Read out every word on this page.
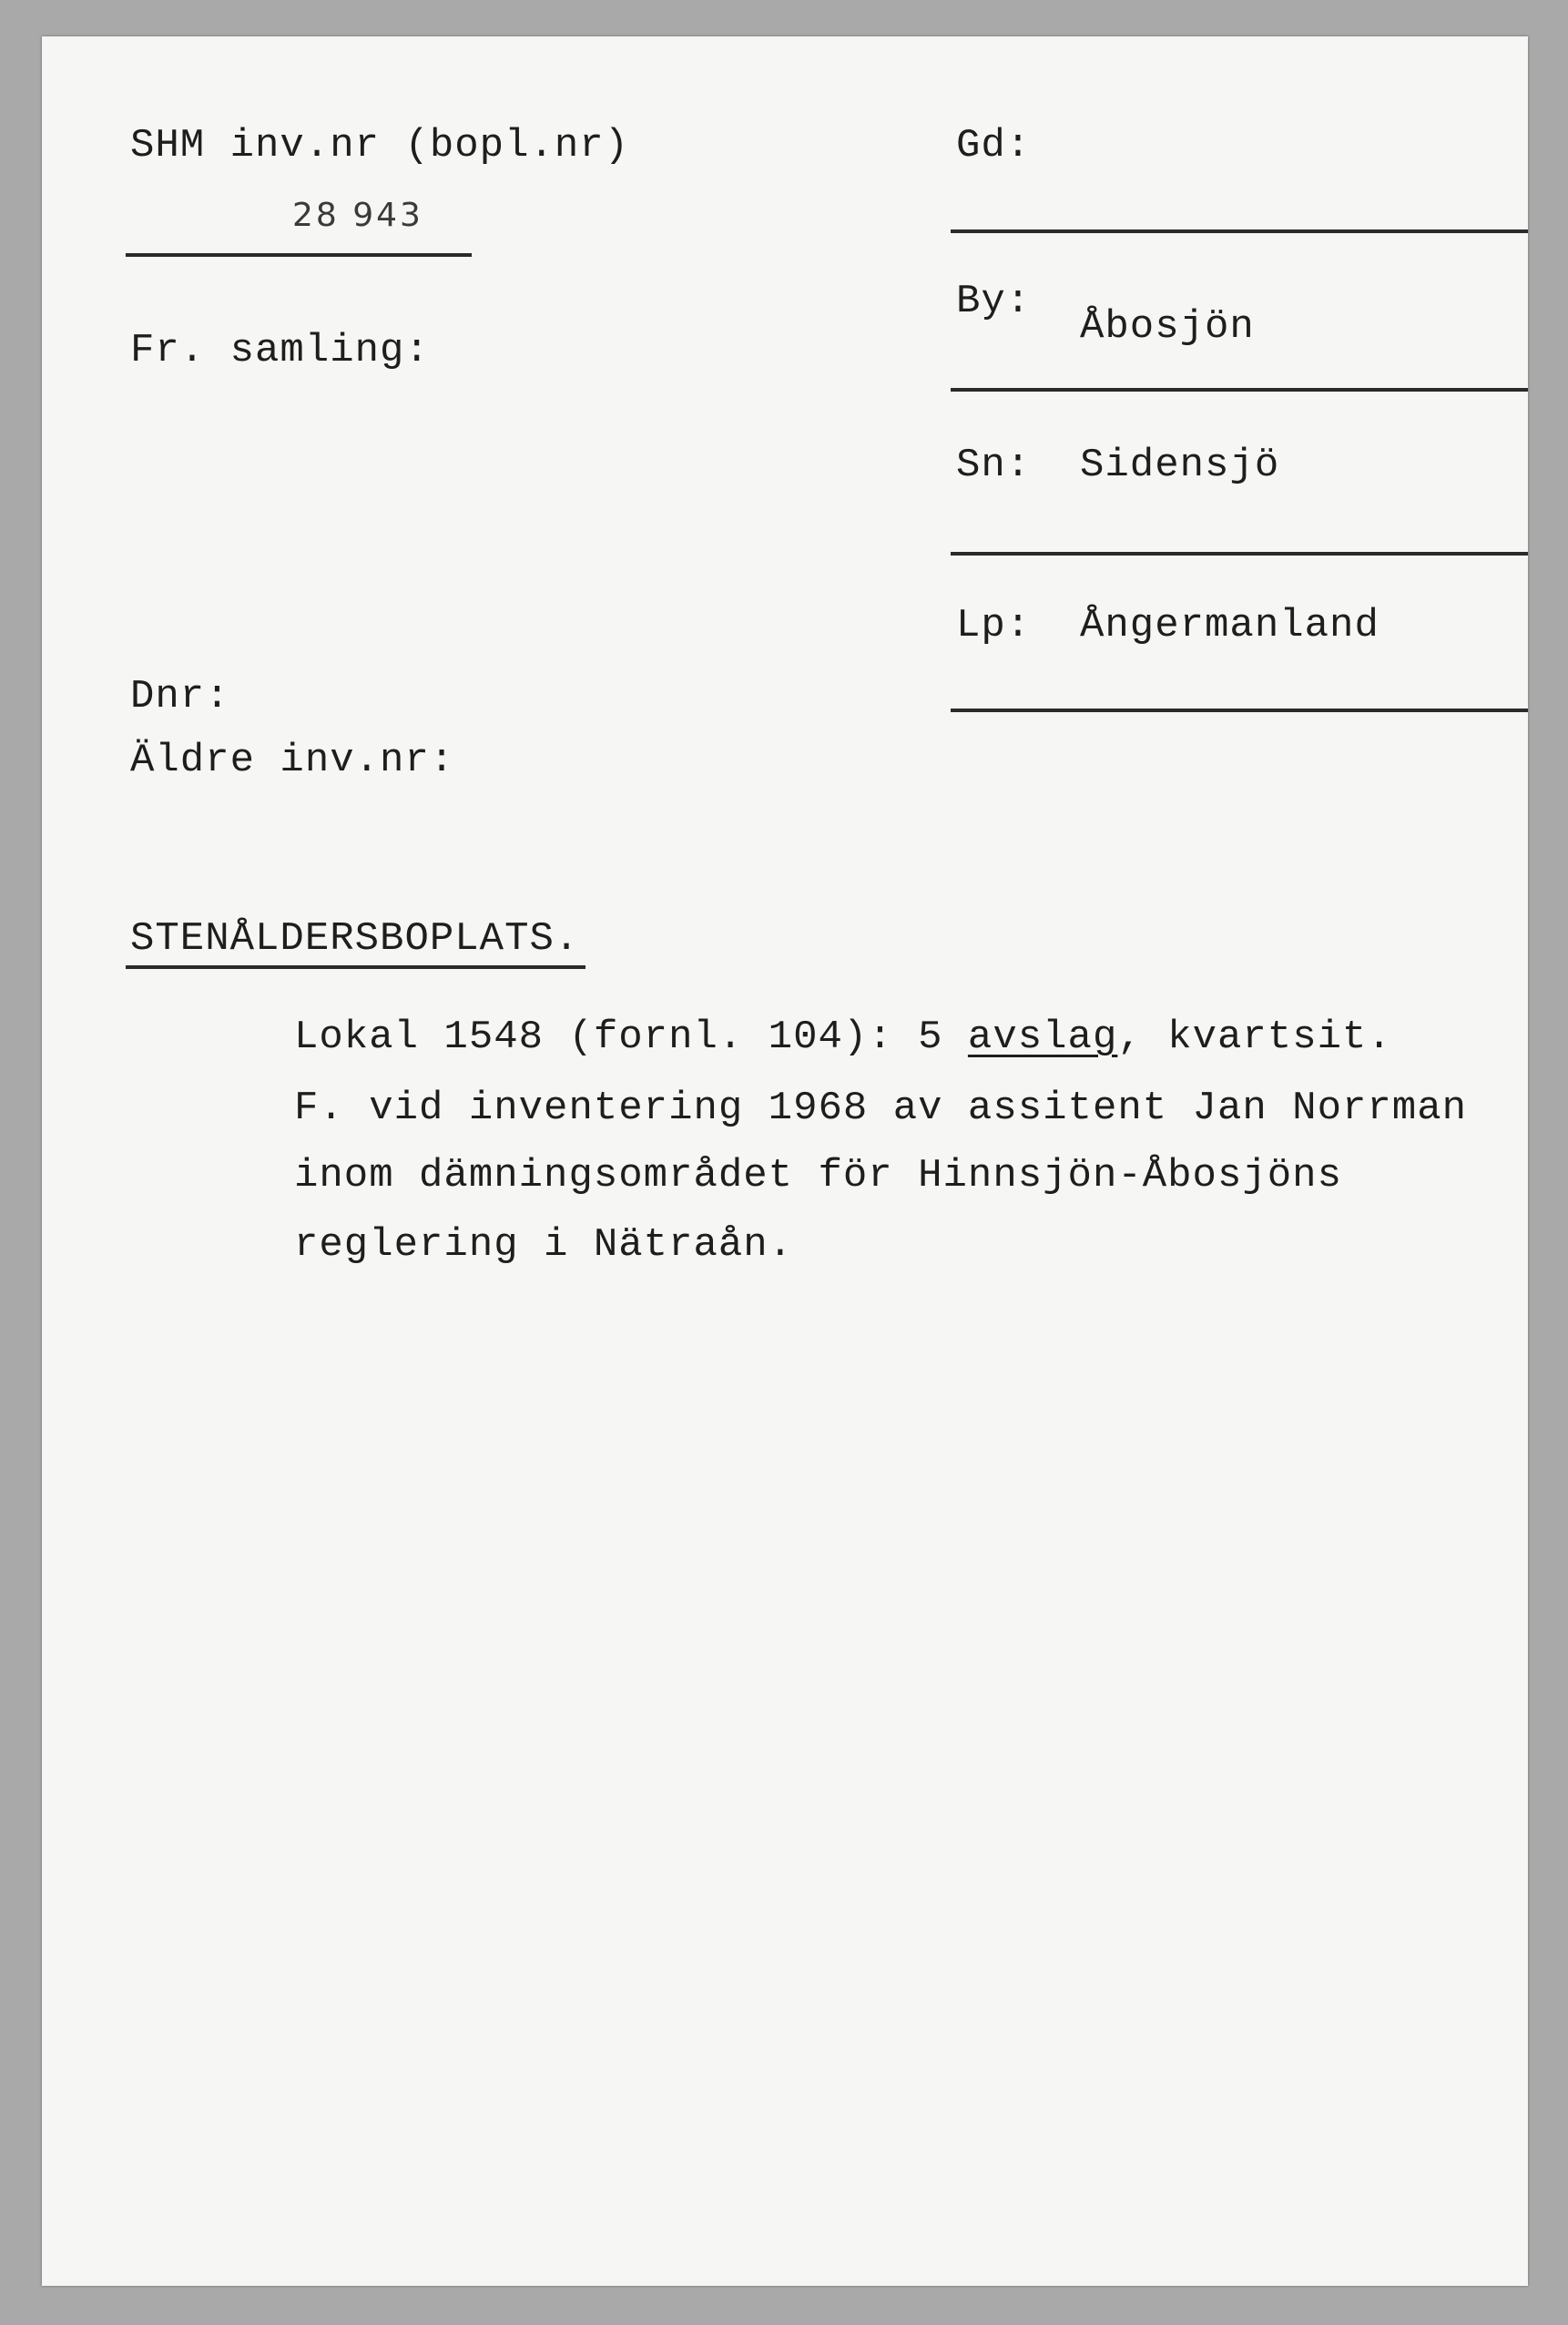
SHM inv.nr (bopl.nr)
28 943
Fr. samling:
Dnr:
Äldre inv.nr:
Gd:
By:
Åbosjön
Sn: Sidensjö
Lp: Ångermanland
STENÅLDERSBOPLATS.
Lokal 1548 (fornl. 104): 5 avslag, kvartsit.
F. vid inventering 1968 av assitent Jan Norrman
inom dämningsområdet för Hinnsjön-Åbosjöns
reglering i Nätraån.
